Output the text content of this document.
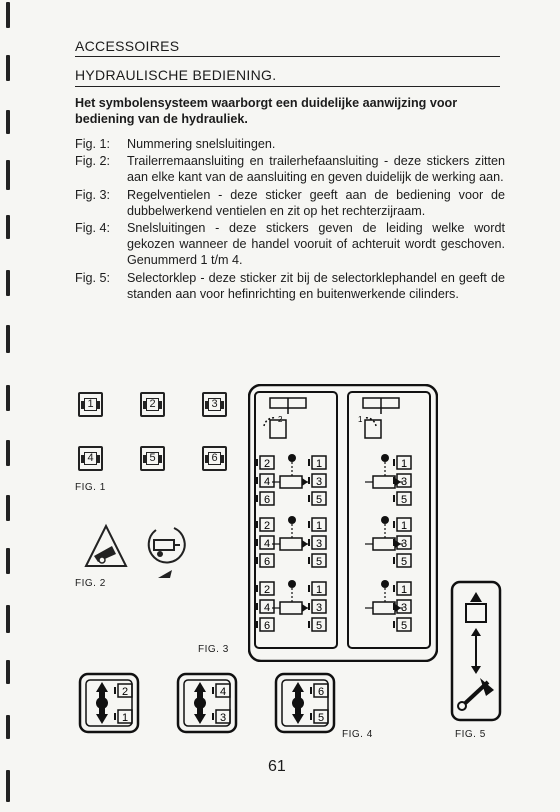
ACCESSOIRES
HYDRAULISCHE BEDIENING.
Het symbolensysteem waarborgt een duidelijke aanwijzing voor bediening van de hydrauliek.
Fig. 1:	Nummering snelsluitingen.
Fig. 2:	Trailerremaansluiting en trailerhefaansluiting - deze stickers zitten aan elke kant van de aansluiting en geven duidelijk de werking aan.
Fig. 3:	Regelventielen - deze sticker geeft aan de bediening voor de dubbelwerkend ventielen en zit op het rechterzijraam.
Fig. 4:	Snelsluitingen - deze stickers geven de leiding welke wordt gekozen wanneer de handel vooruit of achteruit wordt geschoven. Genummerd 1 t/m 4.
Fig. 5:	Selectorklep - deze sticker zit bij de selectorklephandel en geeft de standen aan voor hefinrichting en buitenwerkende cilinders.
1	2	3
4	5	6
FIG. 1
FIG. 2
2	1
2
4
6
1
3
5
1
3
5
2
4
6
1
3
5
1
3
5
2
4
6
1
3
5
1
3
5
FIG. 3
2
1
4
3
6
5
FIG. 4	FIG. 5
61
